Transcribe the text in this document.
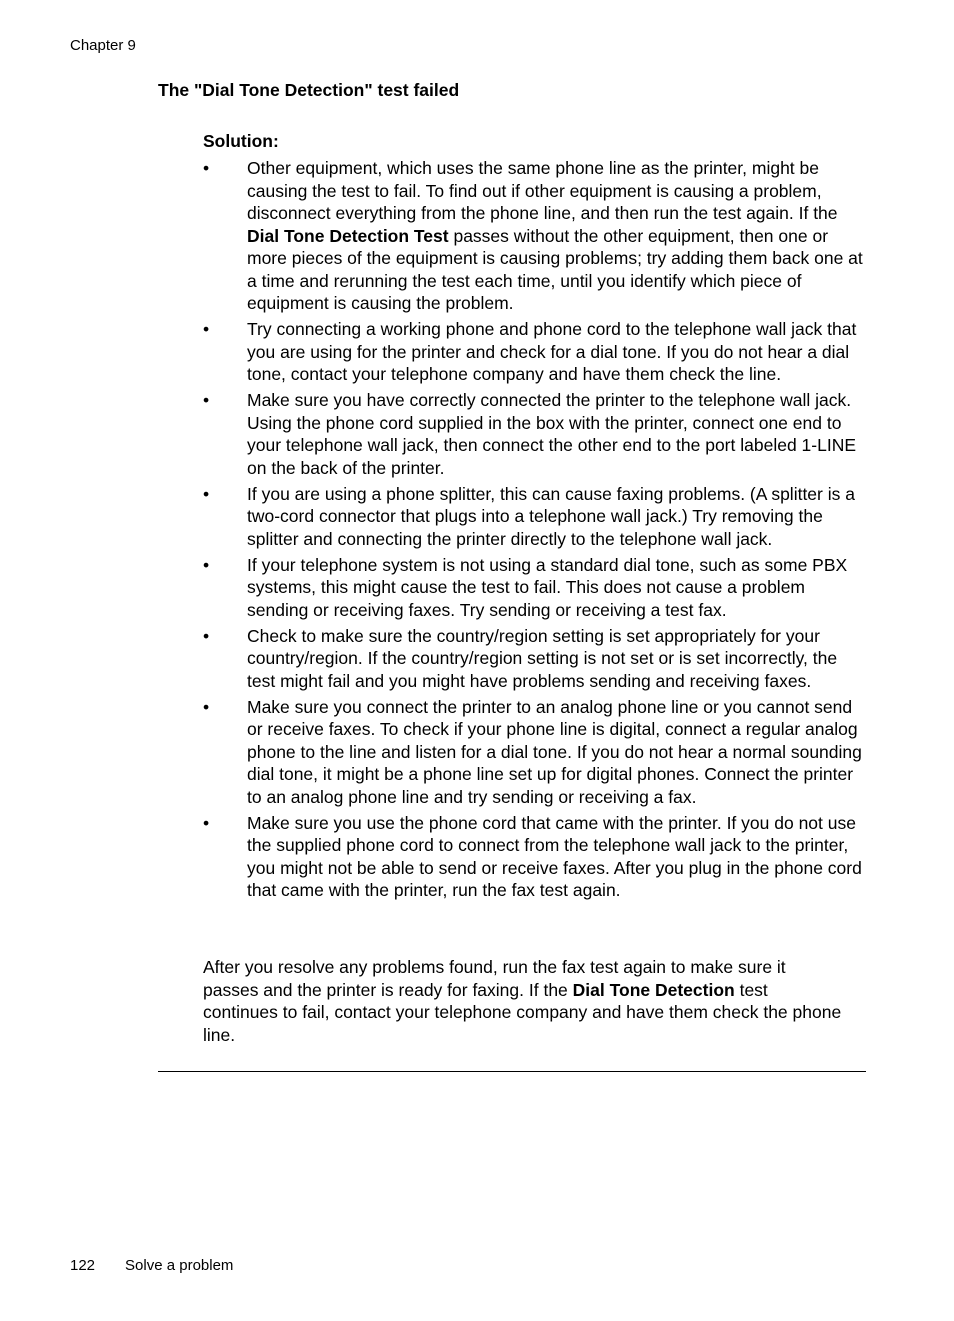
Chapter 9
The "Dial Tone Detection" test failed
Solution:
• Other equipment, which uses the same phone line as the printer, might be causing the test to fail. To find out if other equipment is causing a problem, disconnect everything from the phone line, and then run the test again. If the Dial Tone Detection Test passes without the other equipment, then one or more pieces of the equipment is causing problems; try adding them back one at a time and rerunning the test each time, until you identify which piece of equipment is causing the problem.
• Try connecting a working phone and phone cord to the telephone wall jack that you are using for the printer and check for a dial tone. If you do not hear a dial tone, contact your telephone company and have them check the line.
• Make sure you have correctly connected the printer to the telephone wall jack. Using the phone cord supplied in the box with the printer, connect one end to your telephone wall jack, then connect the other end to the port labeled 1-LINE on the back of the printer.
• If you are using a phone splitter, this can cause faxing problems. (A splitter is a two-cord connector that plugs into a telephone wall jack.) Try removing the splitter and connecting the printer directly to the telephone wall jack.
• If your telephone system is not using a standard dial tone, such as some PBX systems, this might cause the test to fail. This does not cause a problem sending or receiving faxes. Try sending or receiving a test fax.
• Check to make sure the country/region setting is set appropriately for your country/region. If the country/region setting is not set or is set incorrectly, the test might fail and you might have problems sending and receiving faxes.
• Make sure you connect the printer to an analog phone line or you cannot send or receive faxes. To check if your phone line is digital, connect a regular analog phone to the line and listen for a dial tone. If you do not hear a normal sounding dial tone, it might be a phone line set up for digital phones. Connect the printer to an analog phone line and try sending or receiving a fax.
• Make sure you use the phone cord that came with the printer. If you do not use the supplied phone cord to connect from the telephone wall jack to the printer, you might not be able to send or receive faxes. After you plug in the phone cord that came with the printer, run the fax test again.

After you resolve any problems found, run the fax test again to make sure it passes and the printer is ready for faxing. If the Dial Tone Detection test continues to fail, contact your telephone company and have them check the phone line.

122 Solve a problem
